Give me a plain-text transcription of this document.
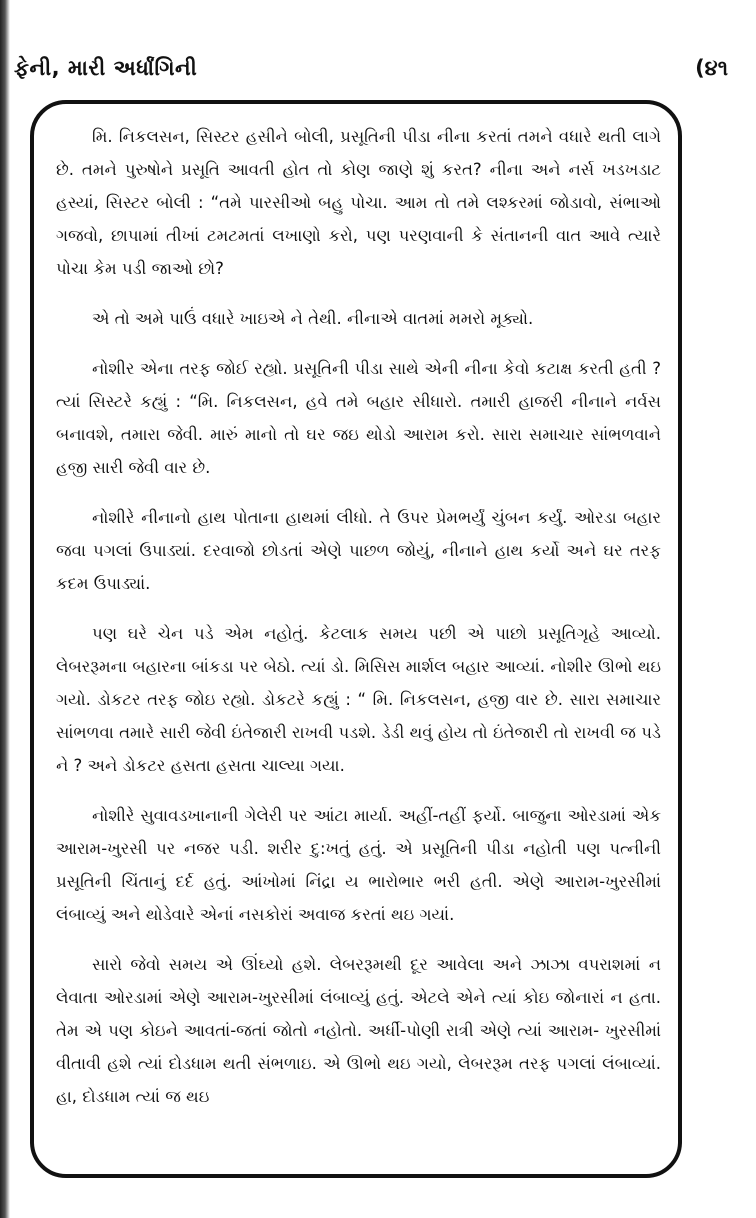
ફેની, મારી અર્ધાંગિની	(૪૧

મિ. નિકલસન, સિસ્ટર હસીને બોલી, પ્રસૂતિની પીડા નીના કરતાં તમને વધારે થતી લાગે છે. તમને પુરુષોને પ્રસૂતિ આવતી હોત તો કોણ જાણે શું કરત? નીના અને નર્સ ખડખડાટ હસ્યાં, સિસ્ટર બોલી : “તમે પારસીઓ બહુ પોચા. આમ તો તમે લશ્કરમાં જોડાવો, સંભાઓ ગજવો, છાપામાં તીખાં ટમટમતાં લખાણો કરો, પણ પરણવાની કે સંતાનની વાત આવે ત્યારે પોચા કેમ પડી જાઓ છો?

એ તો અમે પાઉં વધારે ખાઇએ ને તેથી. નીનાએ વાતમાં મમરો મૂક્યો.

નોશીર એના તરફ જોઈ રહ્યો. પ્રસૂતિની પીડા સાથે એની નીના કેવો કટાક્ષ કરતી હતી ? ત્યાં સિસ્ટરે કહ્યું : “મિ. નિકલસન, હવે તમે બહાર સીધારો. તમારી હાજરી નીનાને નર્વસ બનાવશે, તમારા જેવી. મારું માનો તો ઘર જઇ થોડો આરામ કરો. સારા સમાચાર સાંભળવાને હજી સારી જેવી વાર છે.

નોશીરે નીનાનો હાથ પોતાના હાથમાં લીધો. તે ઉપર પ્રેમભર્યું ચુંબન કર્યું. ઓરડા બહાર જવા પગલાં ઉપાડ્યાં. દરવાજો છોડતાં એણે પાછળ જોયું, નીનાને હાથ કર્યો અને ઘર તરફ કદમ ઉપાડ્યાં.

પણ ઘરે ચેન પડે એમ નહોતું. કેટલાક સમય પછી એ પાછો પ્રસૂતિગૃહે આવ્યો. લેબરરૂમના બહારના બાંકડા પર બેઠો. ત્યાં ડો. મિસિસ માર્શલ બહાર આવ્યાં. નોશીર ઊભો થઇ ગયો. ડોકટર તરફ જોઇ રહ્યો. ડોકટરે કહ્યું : “ મિ. નિકલસન, હજી વાર છે. સારા સમાચાર સાંભળવા તમારે સારી જેવી ઇંતેજારી રાખવી પડશે. ડેડી થવું હોય તો ઇંતેજારી તો રાખવી જ પડે ને ? અને ડોકટર હસતા હસતા ચાલ્યા ગયા.

નોશીરે સુવાવડખાનાની ગેલેરી પર આંટા માર્યા. અહીં-તહીં ફર્યો. બાજુના ઓરડામાં એક આરામ-ખુરસી પર નજર પડી. શરીર દુ:ખતું હતું. એ પ્રસૂતિની પીડા નહોતી પણ પત્નીની પ્રસૂતિની ચિંતાનું દર્દ હતું. આંખોમાં નિંદ્રા ય ભારોભાર ભરી હતી. એણે આરામ-ખુરસીમાં લંબાવ્યું અને થોડેવારે એનાં નસકોરાં અવાજ કરતાં થઇ ગયાં.

સારો જેવો સમય એ ઊંઘ્યો હશે. લેબરરૂમથી દૂર આવેલા અને ઝાઝા વપરાશમાં ન લેવાતા ઓરડામાં એણે આરામ-ખુરસીમાં લંબાવ્યું હતું. એટલે એને ત્યાં કોઇ જોનારાં ન હતા. તેમ એ પણ કોઇને આવતાં-જતાં જોતો નહોતો. અર્ધી-પોણી રાત્રી એણે ત્યાં આરામ- ખુરસીમાં વીતાવી હશે ત્યાં દોડધામ થતી સંભળાઇ. એ ઊભો થઇ ગયો, લેબરરૂમ તરફ પગલાં લંબાવ્યાં. હા, દોડધામ ત્યાં જ થઇ
